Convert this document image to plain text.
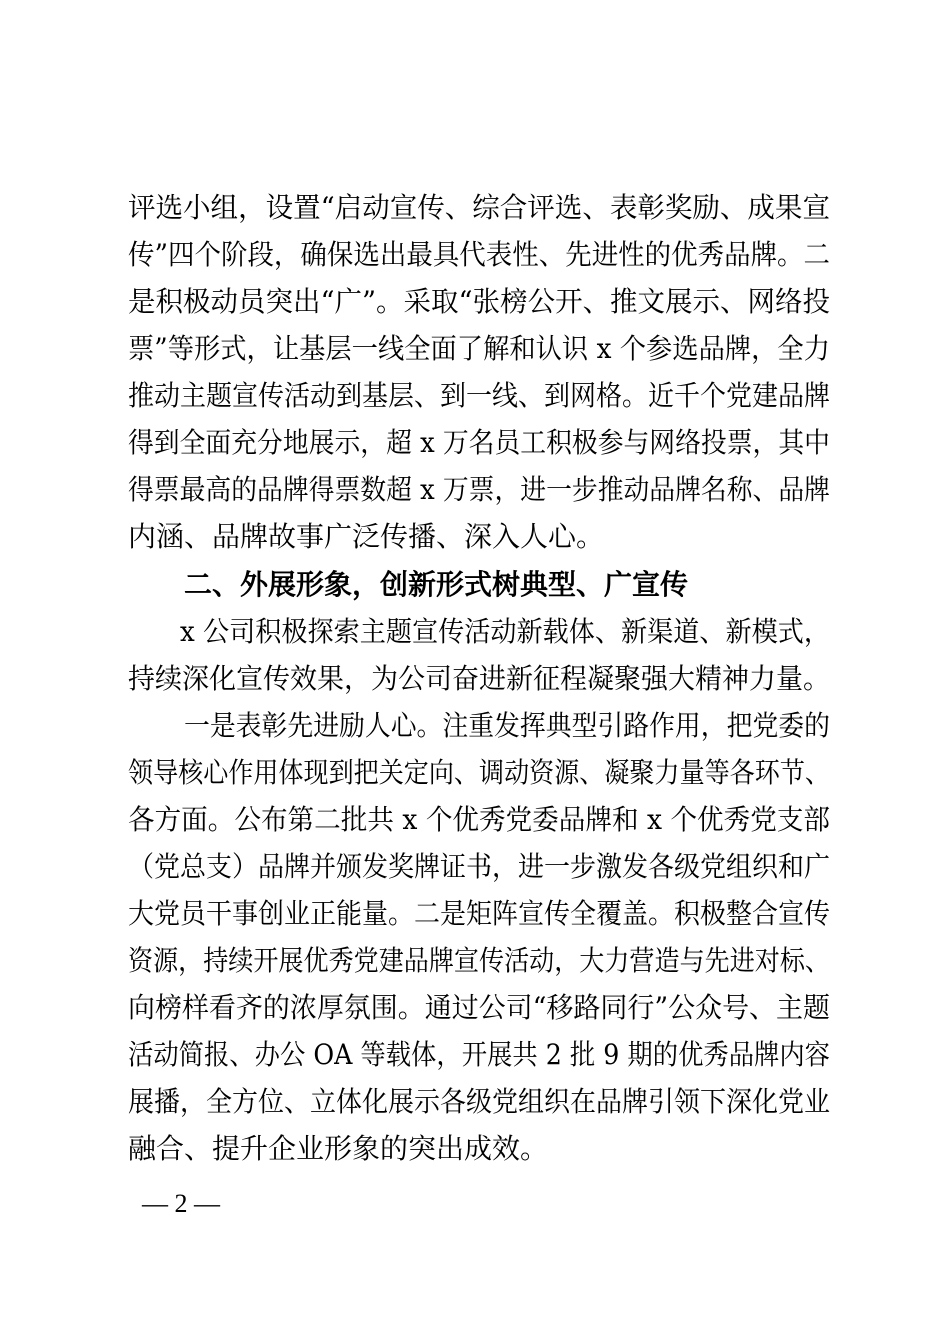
评选小组，设置“启动宣传、综合评选、表彰奖励、成果宣
传”四个阶段，确保选出最具代表性、先进性的优秀品牌。二
是积极动员突出“广”。采取“张榜公开、推文展示、网络投
票”等形式，让基层一线全面了解和认识 x 个参选品牌，全力
推动主题宣传活动到基层、到一线、到网格。近千个党建品牌
得到全面充分地展示，超 x 万名员工积极参与网络投票，其中
得票最高的品牌得票数超 x 万票，进一步推动品牌名称、品牌
内涵、品牌故事广泛传播、深入人心。
二、外展形象，创新形式树典型、广宣传
x 公司积极探索主题宣传活动新载体、新渠道、新模式，
持续深化宣传效果，为公司奋进新征程凝聚强大精神力量。
一是表彰先进励人心。注重发挥典型引路作用，把党委的
领导核心作用体现到把关定向、调动资源、凝聚力量等各环节、
各方面。公布第二批共 x 个优秀党委品牌和 x 个优秀党支部
（党总支）品牌并颁发奖牌证书，进一步激发各级党组织和广
大党员干事创业正能量。二是矩阵宣传全覆盖。积极整合宣传
资源，持续开展优秀党建品牌宣传活动，大力营造与先进对标、
向榜样看齐的浓厚氛围。通过公司“移路同行”公众号、主题
活动简报、办公 OA 等载体，开展共 2 批 9 期的优秀品牌内容
展播，全方位、立体化展示各级党组织在品牌引领下深化党业
融合、提升企业形象的突出成效。
— 2 —
